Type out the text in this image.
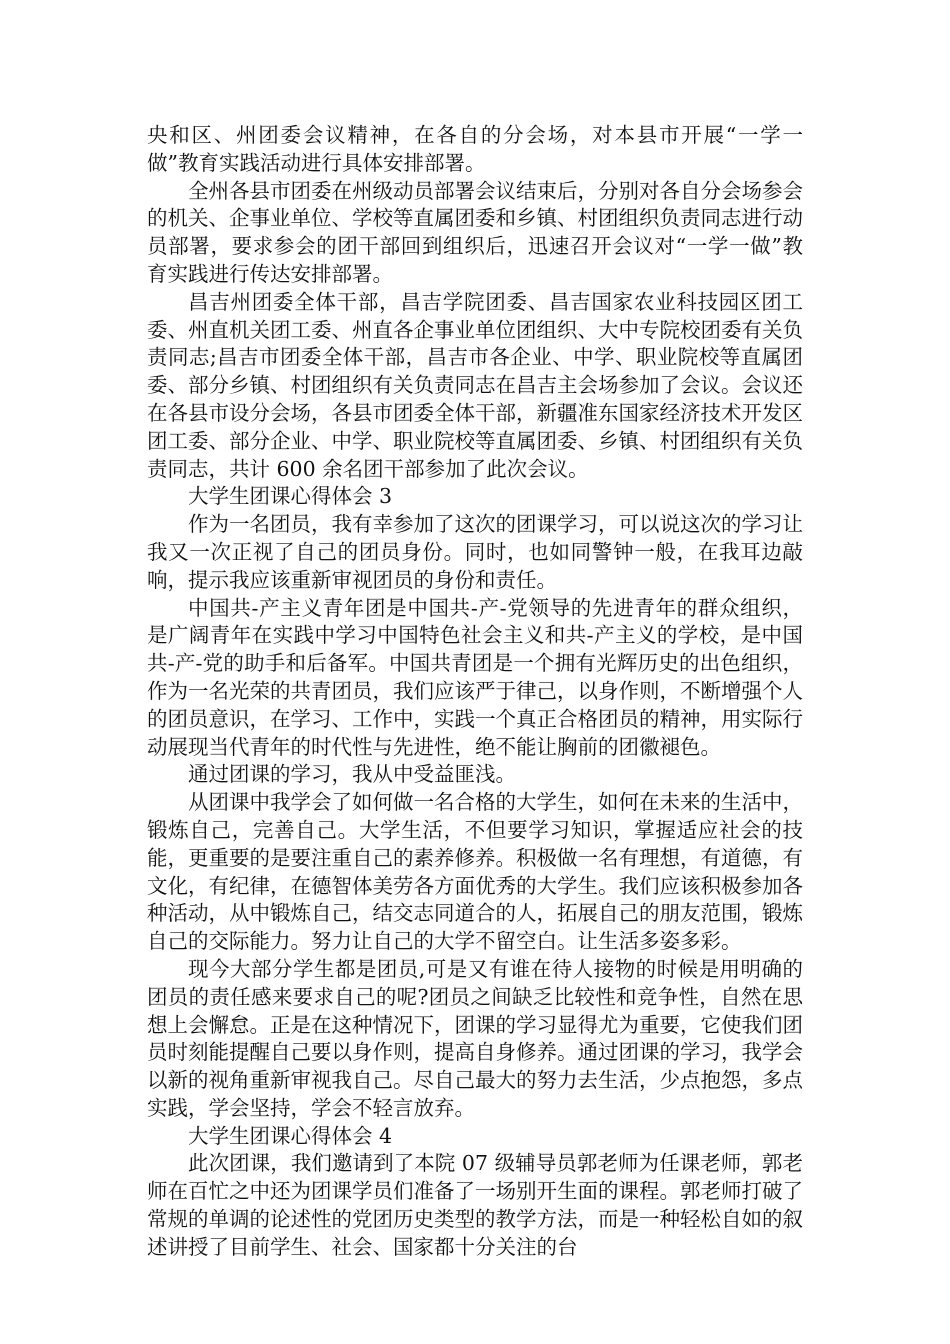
央和区、州团委会议精神，在各自的分会场，对本县市开展“一学一做”教育实践活动进行具体安排部署。

全州各县市团委在州级动员部署会议结束后，分别对各自分会场参会的机关、企事业单位、学校等直属团委和乡镇、村团组织负责同志进行动员部署，要求参会的团干部回到组织后，迅速召开会议对“一学一做”教育实践进行传达安排部署。

昌吉州团委全体干部，昌吉学院团委、昌吉国家农业科技园区团工委、州直机关团工委、州直各企事业单位团组织、大中专院校团委有关负责同志;昌吉市团委全体干部，昌吉市各企业、中学、职业院校等直属团委、部分乡镇、村团组织有关负责同志在昌吉主会场参加了会议。会议还在各县市设分会场，各县市团委全体干部，新疆准东国家经济技术开发区团工委、部分企业、中学、职业院校等直属团委、乡镇、村团组织有关负责同志，共计 600 余名团干部参加了此次会议。

大学生团课心得体会 3

作为一名团员，我有幸参加了这次的团课学习，可以说这次的学习让我又一次正视了自己的团员身份。同时，也如同警钟一般，在我耳边敲响，提示我应该重新审视团员的身份和责任。

中国共-产主义青年团是中国共-产-党领导的先进青年的群众组织，是广阔青年在实践中学习中国特色社会主义和共-产主义的学校，是中国共-产-党的助手和后备军。中国共青团是一个拥有光辉历史的出色组织，作为一名光荣的共青团员，我们应该严于律己，以身作则，不断增强个人的团员意识，在学习、工作中，实践一个真正合格团员的精神，用实际行动展现当代青年的时代性与先进性，绝不能让胸前的团徽褪色。

通过团课的学习，我从中受益匪浅。

从团课中我学会了如何做一名合格的大学生，如何在未来的生活中，锻炼自己，完善自己。大学生活，不但要学习知识，掌握适应社会的技能，更重要的是要注重自己的素养修养。积极做一名有理想，有道德，有文化，有纪律，在德智体美劳各方面优秀的大学生。我们应该积极参加各种活动，从中锻炼自己，结交志同道合的人，拓展自己的朋友范围，锻炼自己的交际能力。努力让自己的大学不留空白。让生活多姿多彩。

现今大部分学生都是团员,可是又有谁在待人接物的时候是用明确的团员的责任感来要求自己的呢?团员之间缺乏比较性和竞争性，自然在思想上会懈怠。正是在这种情况下，团课的学习显得尤为重要，它使我们团员时刻能提醒自己要以身作则，提高自身修养。通过团课的学习，我学会以新的视角重新审视我自己。尽自己最大的努力去生活，少点抱怨，多点实践，学会坚持，学会不轻言放弃。

大学生团课心得体会 4

此次团课，我们邀请到了本院 07 级辅导员郭老师为任课老师，郭老师在百忙之中还为团课学员们准备了一场别开生面的课程。郭老师打破了常规的单调的论述性的党团历史类型的教学方法，而是一种轻松自如的叙述讲授了目前学生、社会、国家都十分关注的台
